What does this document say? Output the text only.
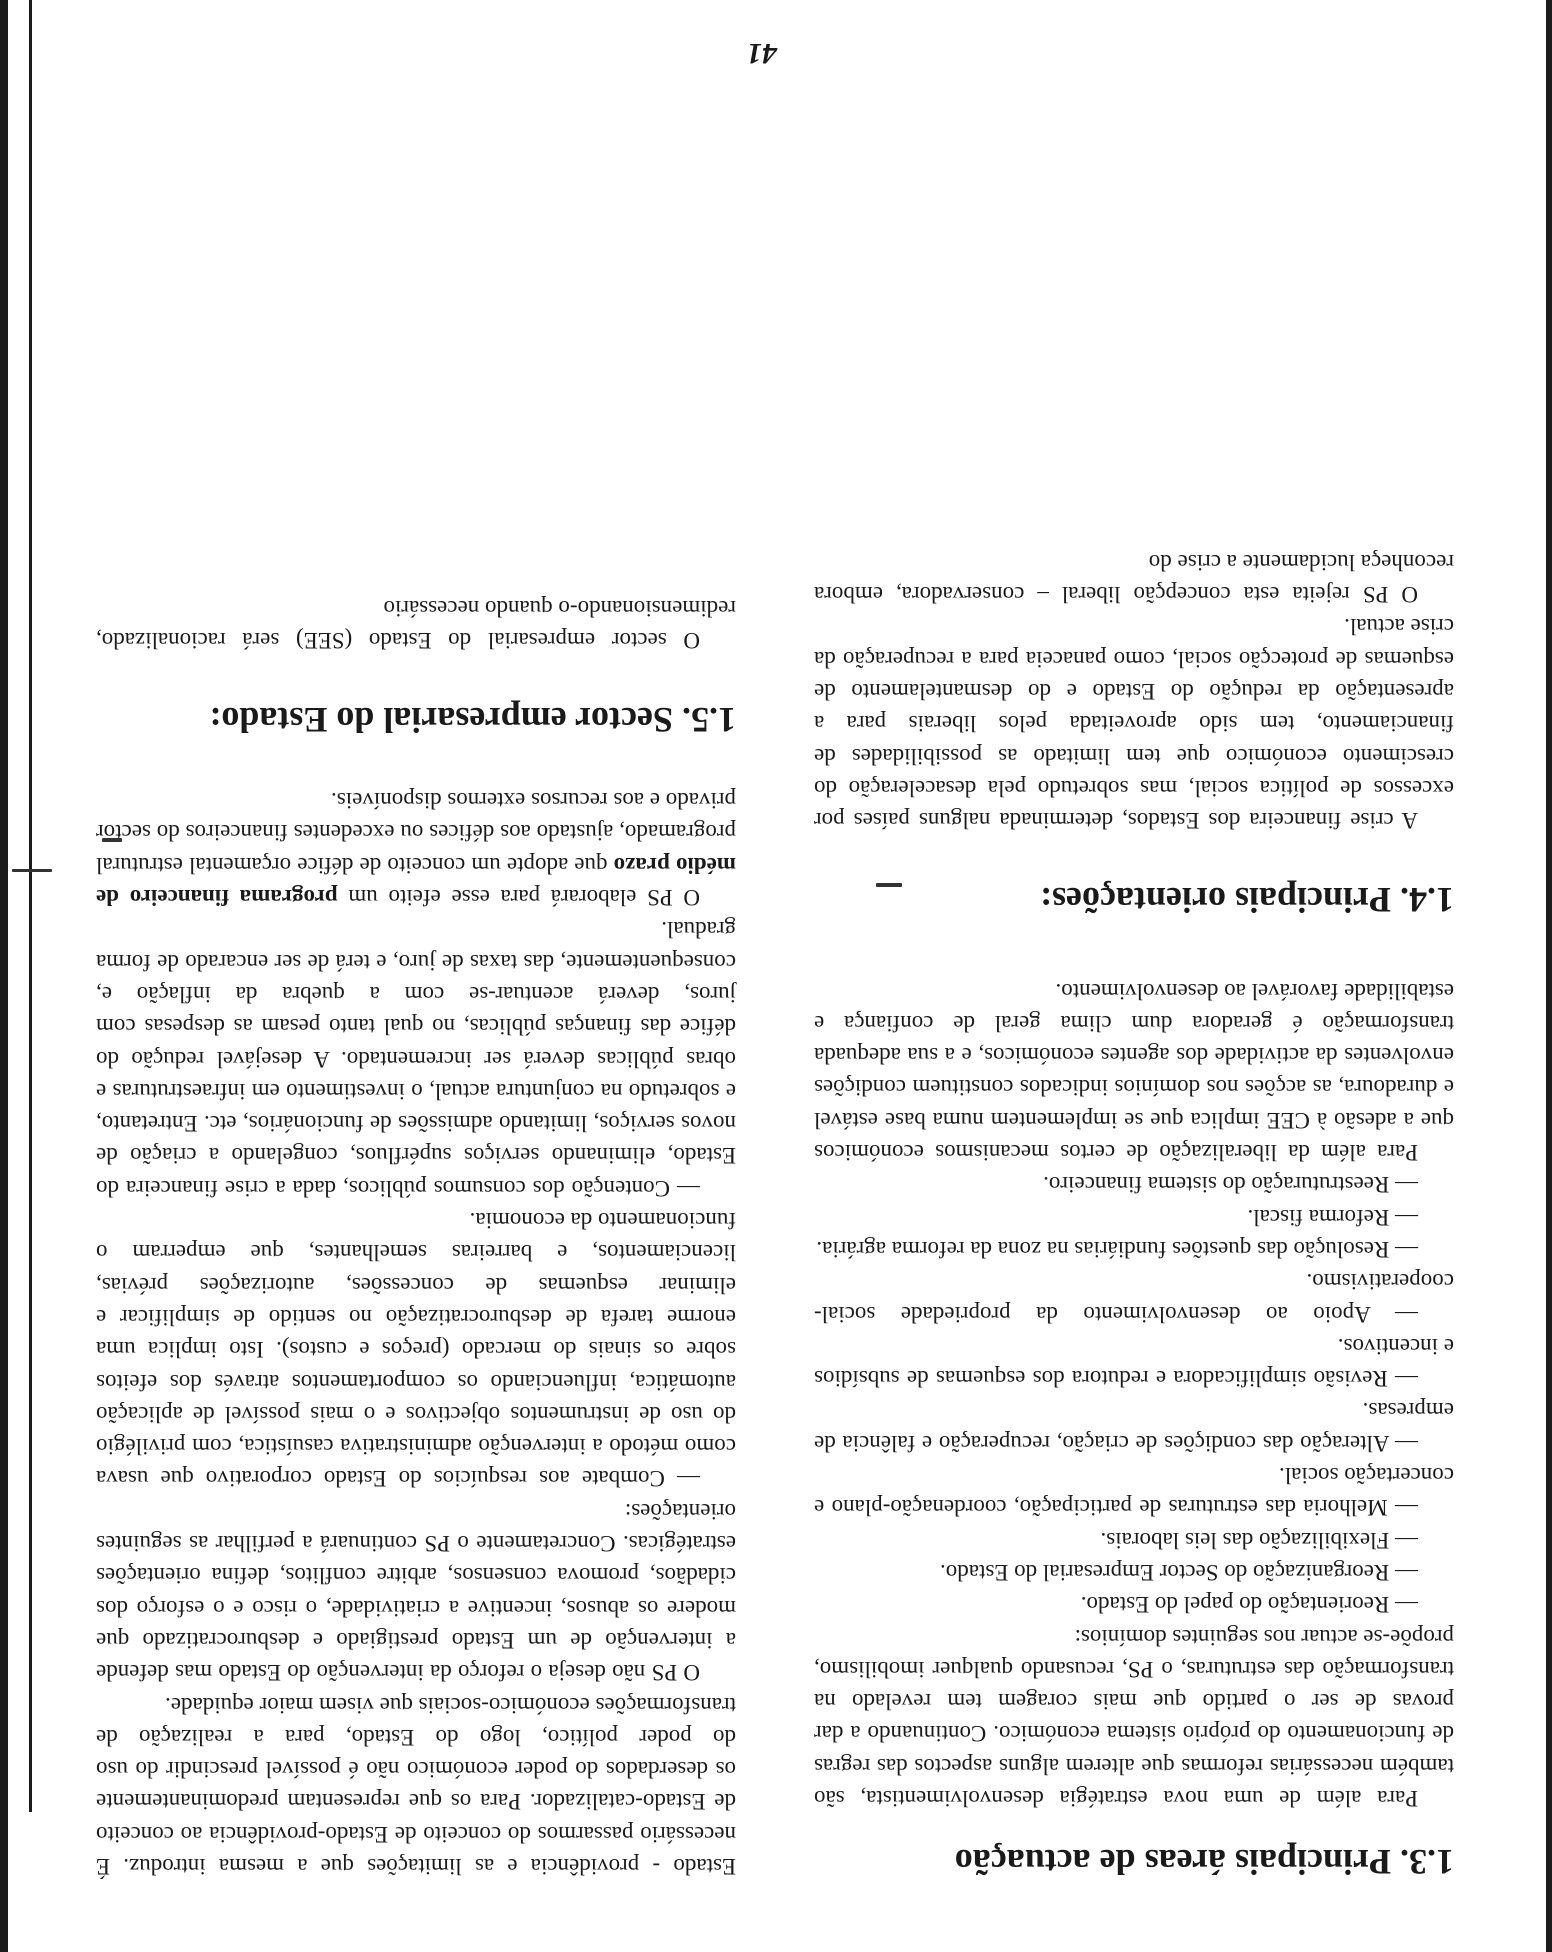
41
1.3. Principais áreas de actuação

Para além de uma nova estratégia desenvolvimentista, são também necessárias reformas que alterem alguns aspectos das regras de funcionamento do próprio sistema económico. Continuando a dar provas de ser o partido que mais coragem tem revelado na transformação das estruturas, o PS, recusando qualquer imobilismo, propõe-se actuar nos seguintes domínios:

— Reorientação do papel do Estado.

— Reorganização do Sector Empresarial do Estado.

— Flexibilização das leis laborais.

— Melhoria das estruturas de participação, coordenação-plano e concertação social.

— Alteração das condições de criação, recuperação e falência de empresas.

— Revisão simplificadora e redutora dos esquemas de subsídios e incentivos.

— Apoio ao desenvolvimento da propriedade social-cooperativismo.

— Resolução das questões fundiárias na zona da reforma agrária.

— Reforma fiscal.

— Reestruturação do sistema financeiro.

Para além da liberalização de certos mecanismos económicos que a adesão à CEE implica que se implementem numa base estável e duradoura, as acções nos domínios indicados constituem condições envolventes da actividade dos agentes económicos, e a sua adequada transformação é geradora dum clima geral de confiança e estabilidade favorável ao desenvolvimento.

1.4. Principais orientações:

A crise financeira dos Estados, determinada nalguns países por excessos de política social, mas sobretudo pela desaceleração do crescimento económico que tem limitado as possibilidades de financiamento, tem sido aproveitada pelos liberais para a apresentação da redução do Estado e do desmantelamento de esquemas de protecção social, como panaceia para a recuperação da crise actual.

O PS rejeita esta concepção liberal – conservadora, embora reconheça lucidamente a crise do

Estado - providência e as limitações que a mesma introduz. É necessário passarmos do conceito de Estado-providência ao conceito de Estado-catalizador. Para os que representam predominantemente os deserdados do poder económico não é possível prescindir do uso do poder político, logo do Estado, para a realização de transformações económico-sociais que visem maior equidade.

O PS não deseja o reforço da intervenção do Estado mas defende a intervenção de um Estado prestigiado e desburocratizado que modere os abusos, incentive a criatividade, o risco e o esforço dos cidadãos, promova consensos, arbitre conflitos, defina orientações estratégicas. Concretamente o PS continuará a perfilhar as seguintes orientações:

— Combate aos resquícios do Estado corporativo que usava como método a intervenção administrativa casuística, com privilégio do uso de instrumentos objectivos e o mais possível de aplicação automática, influenciando os comportamentos através dos efeitos sobre os sinais do mercado (preços e custos). Isto implica uma enorme tarefa de desburocratização no sentido de simplificar e eliminar esquemas de concessões, autorizações prévias, licenciamentos, e barreiras semelhantes, que emperram o funcionamento da economia.

— Contenção dos consumos públicos, dada a crise financeira do Estado, eliminando serviços supérfluos, congelando a criação de novos serviços, limitando admissões de funcionários, etc. Entretanto, e sobretudo na conjuntura actual, o investimento em infraestruturas e obras públicas deverá ser incrementado. A desejável redução do défice das finanças públicas, no qual tanto pesam as despesas com juros, deverá acentuar-se com a quebra da inflação e, consequentemente, das taxas de juro, e terá de ser encarado de forma gradual.

O PS elaborará para esse efeito um programa financeiro de médio prazo que adopte um conceito de défice orçamental estrutural programado, ajustado aos défices ou excedentes financeiros do sector privado e aos recursos externos disponíveis.

1.5. Sector empresarial do Estado:

O sector empresarial do Estado (SEE) será racionalizado, redimensionando-o quando necessário
